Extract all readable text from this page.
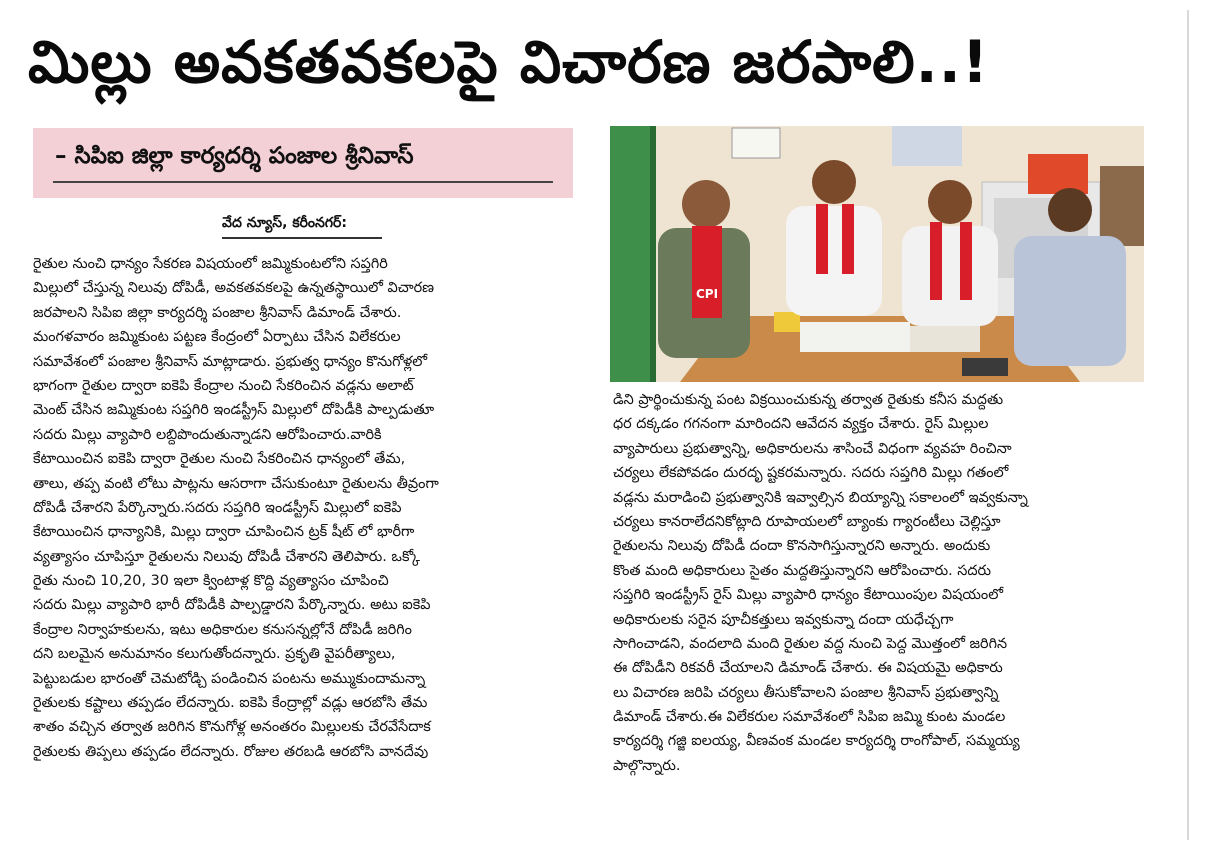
మిల్లు అవకతవకలపై విచారణ జరపాలి..!
– సిపిఐ జిల్లా కార్యదర్శి పంజాల శ్రీనివాస్
వేద న్యూస్, కరీంనగర్:
రైతుల నుంచి ధాన్యం సేకరణ విషయంలో జమ్మికుంటలోని సప్తగిరి
మిల్లులో చేస్తున్న నిలువు దోపిడీ, అవకతవకలపై ఉన్నతస్థాయిలో విచారణ
జరపాలని సిపిఐ జిల్లా కార్యదర్శి పంజాల శ్రీనివాస్ డిమాండ్ చేశారు.
మంగళవారం జమ్మికుంట పట్టణ కేంద్రంలో ఏర్పాటు చేసిన విలేకరుల
సమావేశంలో పంజాల శ్రీనివాస్ మాట్లాడారు. ప్రభుత్వ ధాన్యం కొనుగోళ్లలో
భాగంగా రైతుల ద్వారా ఐకెపి కేంద్రాల నుంచి సేకరించిన వడ్లను అలాట్
మెంట్ చేసిన జమ్మికుంట సప్తగిరి ఇండస్ట్రీస్ మిల్లులో దోపిడీకి పాల్పడుతూ
సదరు మిల్లు వ్యాపారి లబ్దిపొందుతున్నాడని ఆరోపించారు.వారికి
కేటాయించిన ఐకెపి ద్వారా రైతుల నుంచి సేకరించిన ధాన్యంలో తేమ,
తాలు, తప్ప వంటి లోటు పాట్లను ఆసరాగా చేసుకుంటూ రైతులను తీవ్రంగా
దోపిడీ చేశారని పేర్కొన్నారు.సదరు సప్తగిరి ఇండస్ట్రీస్ మిల్లులో ఐకెపి
కేటాయించిన ధాన్యానికి, మిల్లు ద్వారా చూపించిన ట్రక్ షీట్ లో భారీగా
వ్యత్యాసం చూపిస్తూ రైతులను నిలువు దోపిడీ చేశారని తెలిపారు. ఒక్కో
రైతు నుంచి 10,20, 30 ఇలా క్వింటాళ్ల కొద్ది వ్యత్యాసం చూపించి
సదరు మిల్లు వ్యాపారి భారీ దోపిడీకి పాల్పడ్డారని పేర్కొన్నారు. అటు ఐకెపి
కేంద్రాల నిర్వాహకులను, ఇటు అధికారుల కనుసన్నల్లోనే దోపిడీ జరిగిం
దని బలమైన అనుమానం కలుగుతోందన్నారు. ప్రకృతి వైపరీత్యాలు,
పెట్టుబడుల భారంతో చెమటోడ్చి పండించిన పంటను అమ్ముకుందామన్నా
రైతులకు కష్టాలు తప్పడం లేదన్నారు. ఐకెపి కేంద్రాల్లో వడ్లు ఆరబోసి తేమ
శాతం వచ్చిన తర్వాత జరిగిన కొనుగోళ్ల అనంతరం మిల్లులకు చేరవేసేదాక
రైతులకు తిప్పలు తప్పడం లేదన్నారు. రోజుల తరబడి ఆరబోసి వానదేవు
CPI
డిని ప్రార్థించుకున్న పంట విక్రయించుకున్న తర్వాత రైతుకు కనీస మద్దతు
ధర దక్కడం గగనంగా మారిందని ఆవేదన వ్యక్తం చేశారు. రైస్ మిల్లుల
వ్యాపారులు ప్రభుత్వాన్ని, అధికారులను శాసించే విధంగా వ్యవహ రించినా
చర్యలు లేకపోవడం దురదృ ష్టకరమన్నారు. సదరు సప్తగిరి మిల్లు గతంలో
వడ్లను మరాడించి ప్రభుత్వానికి ఇవ్వాల్సిన బియ్యాన్ని సకాలంలో ఇవ్వకున్నా
చర్యలు కానరాలేదనికోట్లాది రూపాయలలో బ్యాంకు గ్యారంటీలు చెల్లిస్తూ
రైతులను నిలువు దోపిడీ దందా కొనసాగిస్తున్నారని అన్నారు. అందుకు
కొంత మంది అధికారులు సైతం మద్దతిస్తున్నారని ఆరోపించారు. సదరు
సప్తగిరి ఇండస్ట్రీస్ రైస్ మిల్లు వ్యాపారి ధాన్యం కేటాయింపుల విషయంలో
అధికారులకు సరైన పూచీకత్తులు ఇవ్వకున్నా దందా యధేచ్చగా
సాగించాడని, వందలాది మంది రైతుల వద్ద నుంచి పెద్ద మొత్తంలో జరిగిన
ఈ దోపిడీని రికవరీ చేయాలని డిమాండ్ చేశారు. ఈ విషయమై అధికారు
లు విచారణ జరిపి చర్యలు తీసుకోవాలని పంజాల శ్రీనివాస్ ప్రభుత్వాన్ని
డిమాండ్ చేశారు.ఈ విలేకరుల సమావేశంలో సిపిఐ జమ్మి కుంట మండల
కార్యదర్శి గజ్జి ఐలయ్య, వీణవంక మండల కార్యదర్శి రాంగోపాల్, సమ్మయ్య
పాల్గొన్నారు.
